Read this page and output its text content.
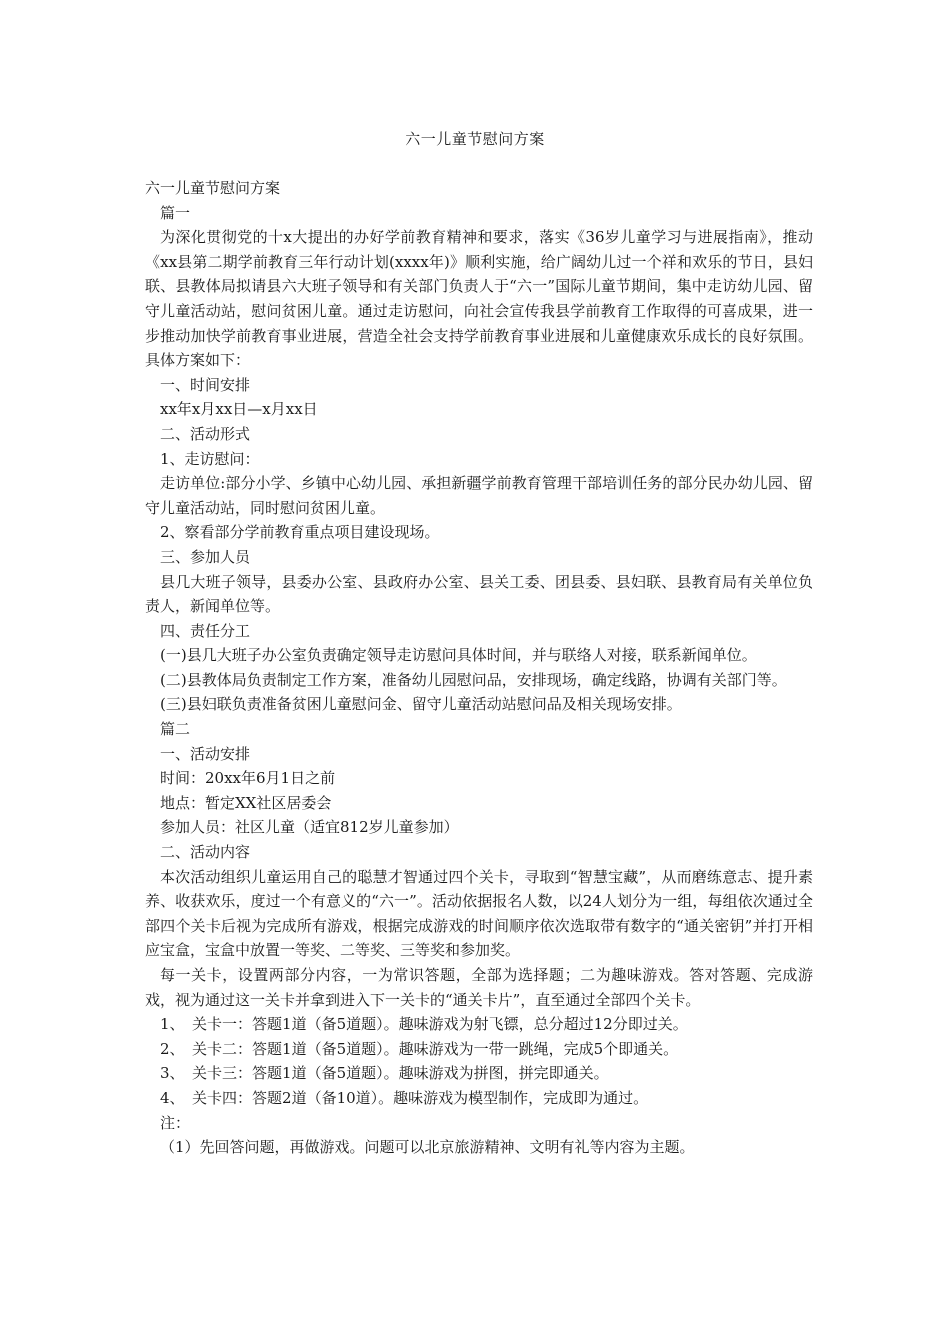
六一儿童节慰问方案

六一儿童节慰问方案

篇一

为深化贯彻党的十x大提出的办好学前教育精神和要求，落实《36岁儿童学习与进展指南》，推动《xx县第二期学前教育三年行动计划(xxxx年)》顺利实施，给广阔幼儿过一个祥和欢乐的节日，县妇联、县教体局拟请县六大班子领导和有关部门负责人于“六一”国际儿童节期间，集中走访幼儿园、留守儿童活动站，慰问贫困儿童。通过走访慰问，向社会宣传我县学前教育工作取得的可喜成果，进一步推动加快学前教育事业进展，营造全社会支持学前教育事业进展和儿童健康欢乐成长的良好氛围。具体方案如下：

一、时间安排

xx年x月xx日—x月xx日

二、活动形式

1、走访慰问：

走访单位:部分小学、乡镇中心幼儿园、承担新疆学前教育管理干部培训任务的部分民办幼儿园、留守儿童活动站，同时慰问贫困儿童。

2、察看部分学前教育重点项目建设现场。

三、参加人员

县几大班子领导，县委办公室、县政府办公室、县关工委、团县委、县妇联、县教育局有关单位负责人，新闻单位等。

四、责任分工

(一)县几大班子办公室负责确定领导走访慰问具体时间，并与联络人对接，联系新闻单位。

(二)县教体局负责制定工作方案，准备幼儿园慰问品，安排现场，确定线路，协调有关部门等。

(三)县妇联负责准备贫困儿童慰问金、留守儿童活动站慰问品及相关现场安排。

篇二

一、活动安排

时间：20xx年6月1日之前

地点：暂定XX社区居委会

参加人员：社区儿童（适宜812岁儿童参加）

二、活动内容

本次活动组织儿童运用自己的聪慧才智通过四个关卡，寻取到“智慧宝藏”，从而磨练意志、提升素养、收获欢乐，度过一个有意义的“六一”。活动依据报名人数，以24人划分为一组，每组依次通过全部四个关卡后视为完成所有游戏，根据完成游戏的时间顺序依次选取带有数字的“通关密钥”并打开相应宝盒，宝盒中放置一等奖、二等奖、三等奖和参加奖。

每一关卡，设置两部分内容，一为常识答题，全部为选择题；二为趣味游戏。答对答题、完成游戏，视为通过这一关卡并拿到进入下一关卡的“通关卡片”，直至通过全部四个关卡。

1、　关卡一：答题1道（备5道题）。趣味游戏为射飞镖，总分超过12分即过关。

2、　关卡二：答题1道（备5道题）。趣味游戏为一带一跳绳，完成5个即通关。

3、　关卡三：答题1道（备5道题）。趣味游戏为拼图，拼完即通关。

4、　关卡四：答题2道（备10道）。趣味游戏为模型制作，完成即为通过。

注：

（1）先回答问题，再做游戏。问题可以北京旅游精神、文明有礼等内容为主题。
